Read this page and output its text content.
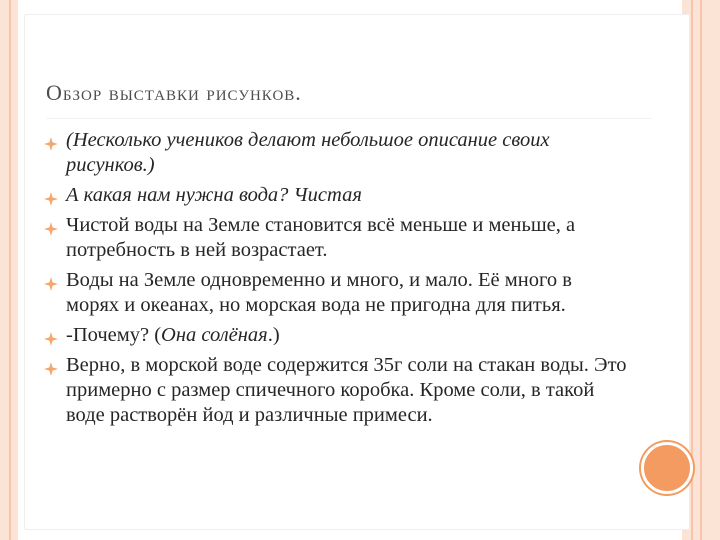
Обзор выставки рисунков.
(Несколько учеников делают небольшое описание своих рисунков.)
А какая нам нужна вода? Чистая
Чистой воды на Земле становится всё меньше и меньше, а потребность в ней возрастает.
Воды на Земле одновременно и много, и мало. Её много в морях и океанах, но морская вода не пригодна для питья.
-Почему? (Она солёная.)
Верно, в морской воде содержится 35г соли на стакан воды. Это примерно с размер спичечного коробка. Кроме соли, в такой воде растворён йод и различные примеси.
